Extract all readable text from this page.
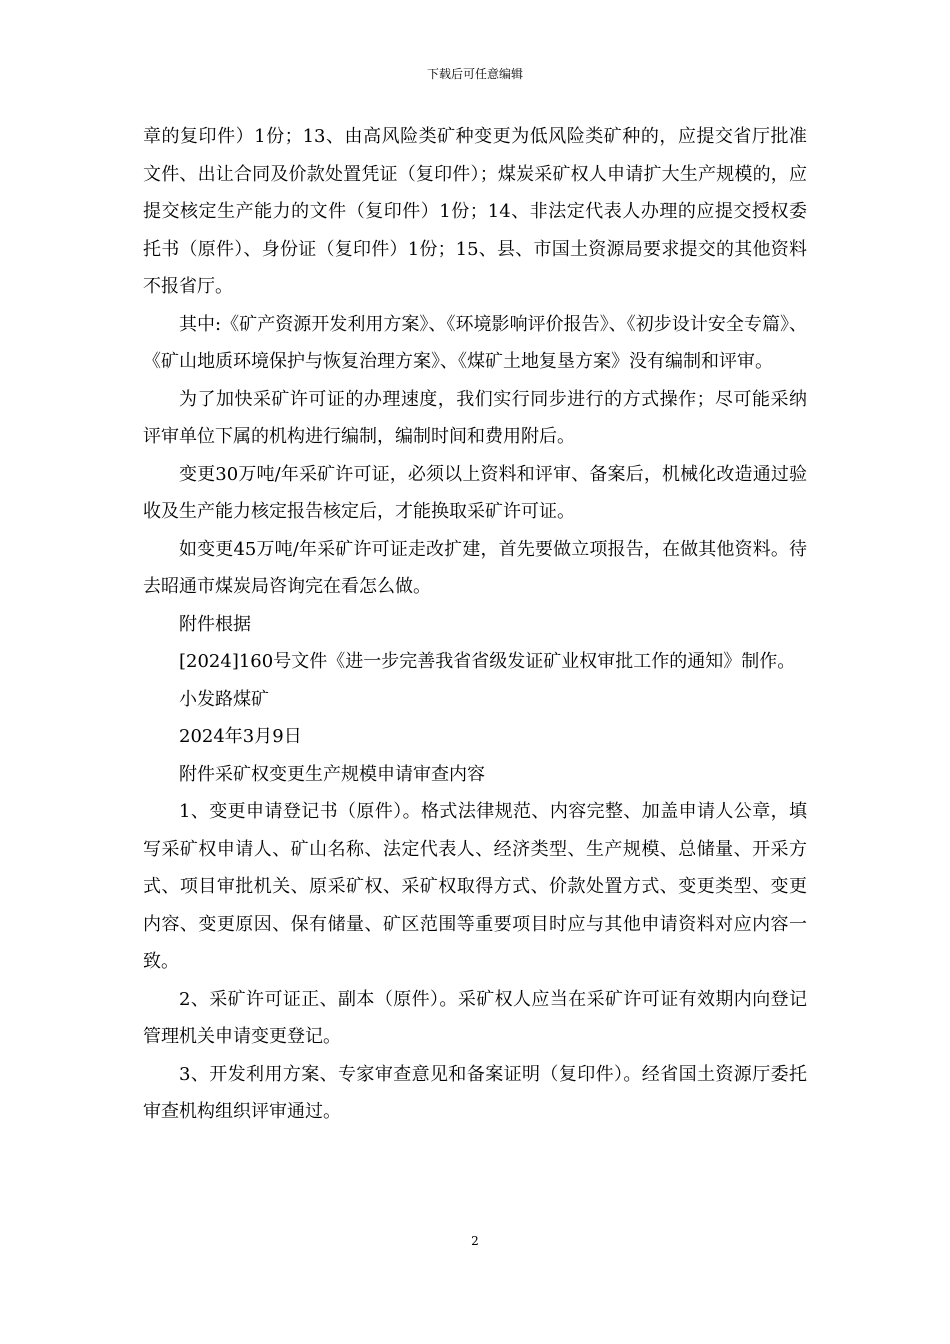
下载后可任意编辑

章的复印件）1份；13、由高风险类矿种变更为低风险类矿种的，应提交省厅批准文件、出让合同及价款处置凭证（复印件）；煤炭采矿权人申请扩大生产规模的，应提交核定生产能力的文件（复印件）1份；14、非法定代表人办理的应提交授权委托书（原件）、身份证（复印件）1份；15、县、市国土资源局要求提交的其他资料不报省厅。

其中:《矿产资源开发利用方案》、《环境影响评价报告》、《初步设计安全专篇》、《矿山地质环境保护与恢复治理方案》、《煤矿土地复垦方案》没有编制和评审。

为了加快采矿许可证的办理速度，我们实行同步进行的方式操作；尽可能采纳评审单位下属的机构进行编制，编制时间和费用附后。

变更30万吨/年采矿许可证，必须以上资料和评审、备案后，机械化改造通过验收及生产能力核定报告核定后，才能换取采矿许可证。

如变更45万吨/年采矿许可证走改扩建，首先要做立项报告，在做其他资料。待去昭通市煤炭局咨询完在看怎么做。

附件根据

[2024]160号文件《进一步完善我省省级发证矿业权审批工作的通知》制作。

小发路煤矿

2024年3月9日

附件采矿权变更生产规模申请审查内容

1、变更申请登记书（原件）。格式法律规范、内容完整、加盖申请人公章，填写采矿权申请人、矿山名称、法定代表人、经济类型、生产规模、总储量、开采方式、项目审批机关、原采矿权、采矿权取得方式、价款处置方式、变更类型、变更内容、变更原因、保有储量、矿区范围等重要项目时应与其他申请资料对应内容一致。

2、采矿许可证正、副本（原件）。采矿权人应当在采矿许可证有效期内向登记管理机关申请变更登记。

3、开发利用方案、专家审查意见和备案证明（复印件）。经省国土资源厅委托审查机构组织评审通过。

2
